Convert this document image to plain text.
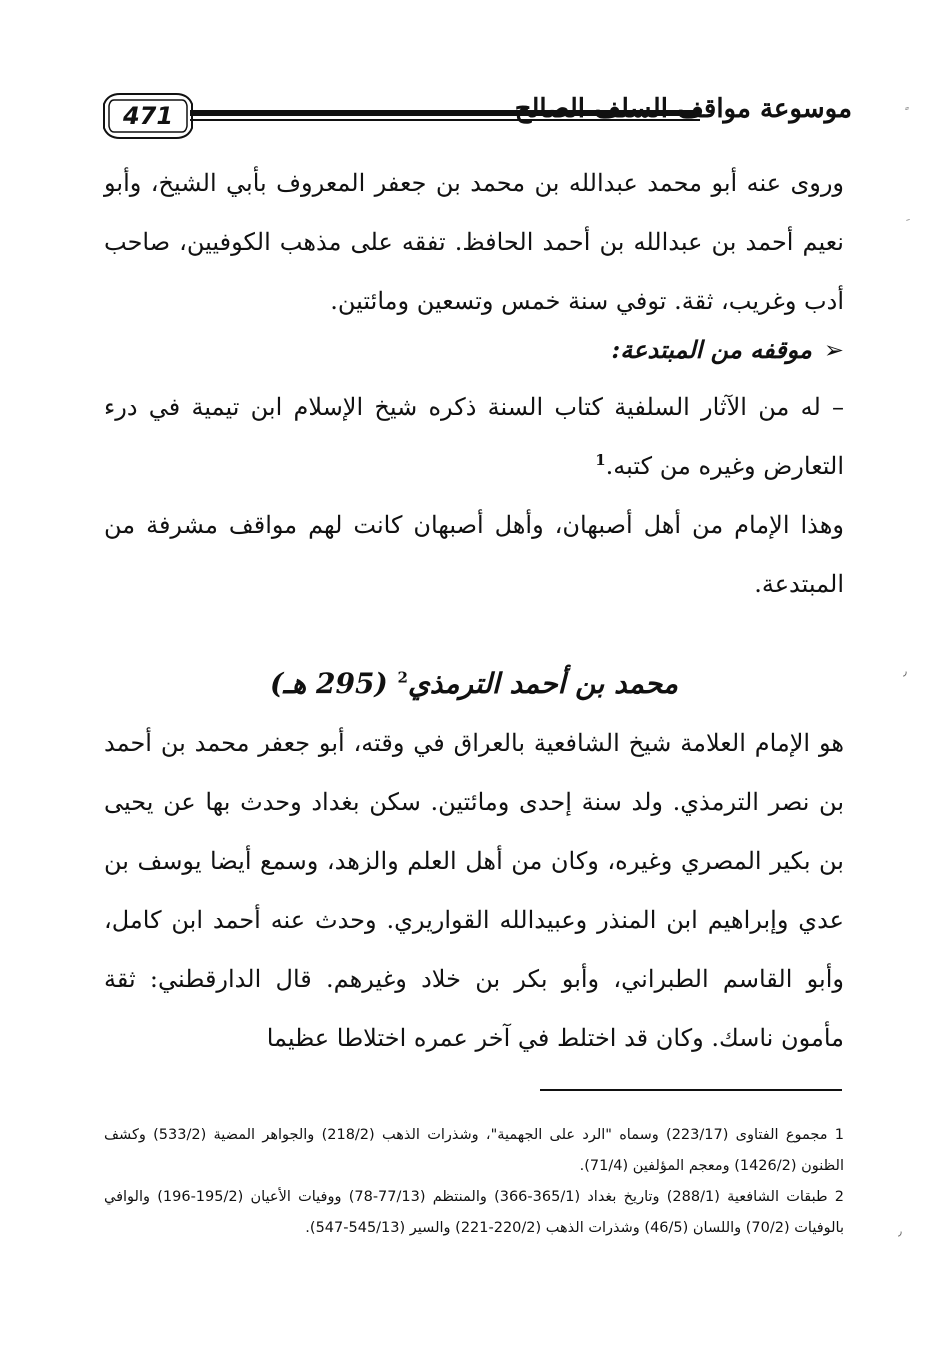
471	موسوعة مواقف السلف الصالح

وروى عنه أبو محمد عبدالله بن محمد بن جعفر المعروف بأبي الشيخ، وأبو نعيم أحمد بن عبدالله بن أحمد الحافظ. تفقه على مذهب الكوفيين، صاحب أدب وغريب، ثقة. توفي سنة خمس وتسعين ومائتين.

➢موقفه من المبتدعة:

– له من الآثار السلفية كتاب السنة ذكره شيخ الإسلام ابن تيمية في درء التعارض وغيره من كتبه.$^1$

وهذا الإمام من أهل أصبهان، وأهل أصبهان كانت لهم مواقف مشرفة من المبتدعة.

محمد بن أحمد الترمذي$^2$ (295 هـ)

هو الإمام العلامة شيخ الشافعية بالعراق في وقته، أبو جعفر محمد بن أحمد بن نصر الترمذي. ولد سنة إحدى ومائتين. سكن بغداد وحدث بها عن يحيى بن بكير المصري وغيره، وكان من أهل العلم والزهد، وسمع أيضا يوسف بن عدي وإبراهيم ابن المنذر وعبيدالله القواريري. وحدث عنه أحمد ابن كامل، وأبو القاسم الطبراني، وأبو بكر بن خلاد وغيرهم. قال الدارقطني: ثقة مأمون ناسك. وكان قد اختلط في آخر عمره اختلاطا عظيما

1 مجموع الفتاوى (223/17) وسماه "الرد على الجهمية"، وشذرات الذهب (218/2) والجواهر المضية (533/2) وكشف الظنون (1426/2) ومعجم المؤلفين (71/4).

2 طبقات الشافعية (288/1) وتاريخ بغداد (365/1-366) والمنتظم (77/13-78) ووفيات الأعيان (195/2-196) والوافي بالوفيات (70/2) واللسان (46/5) وشذرات الذهب (220/2-221) والسير (545/13-547).

٫
٫
